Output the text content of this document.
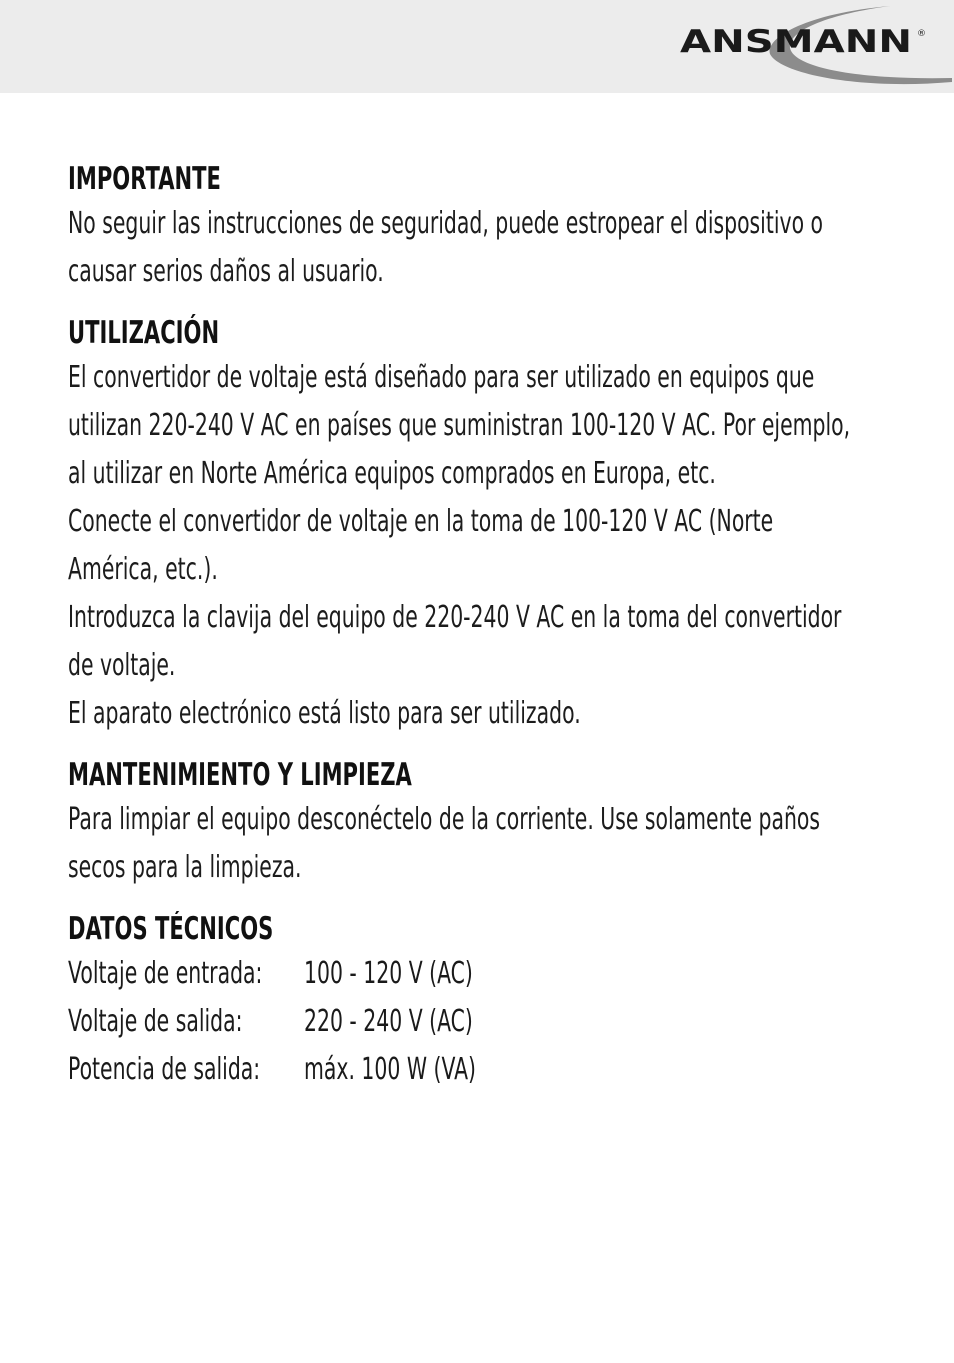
ANSMANN ®
IMPORTANTE
No seguir las instrucciones de seguridad, puede estropear el dispositivo o
causar serios daños al usuario.
UTILIZACIÓN
El convertidor de voltaje está diseñado para ser utilizado en equipos que
utilizan 220-240 V AC en países que suministran 100-120 V AC. Por ejemplo,
al utilizar en Norte América equipos comprados en Europa, etc.
Conecte el convertidor de voltaje en la toma de 100-120 V AC (Norte
América, etc.).
Introduzca la clavija del equipo de 220-240 V AC en la toma del convertidor
de voltaje.
El aparato electrónico está listo para ser utilizado.
MANTENIMIENTO Y LIMPIEZA
Para limpiar el equipo desconéctelo de la corriente. Use solamente paños
secos para la limpieza.
DATOS TÉCNICOS
Voltaje de entrada: 100 - 120 V (AC)
Voltaje de salida: 220 - 240 V (AC)
Potencia de salida: máx. 100 W (VA)
